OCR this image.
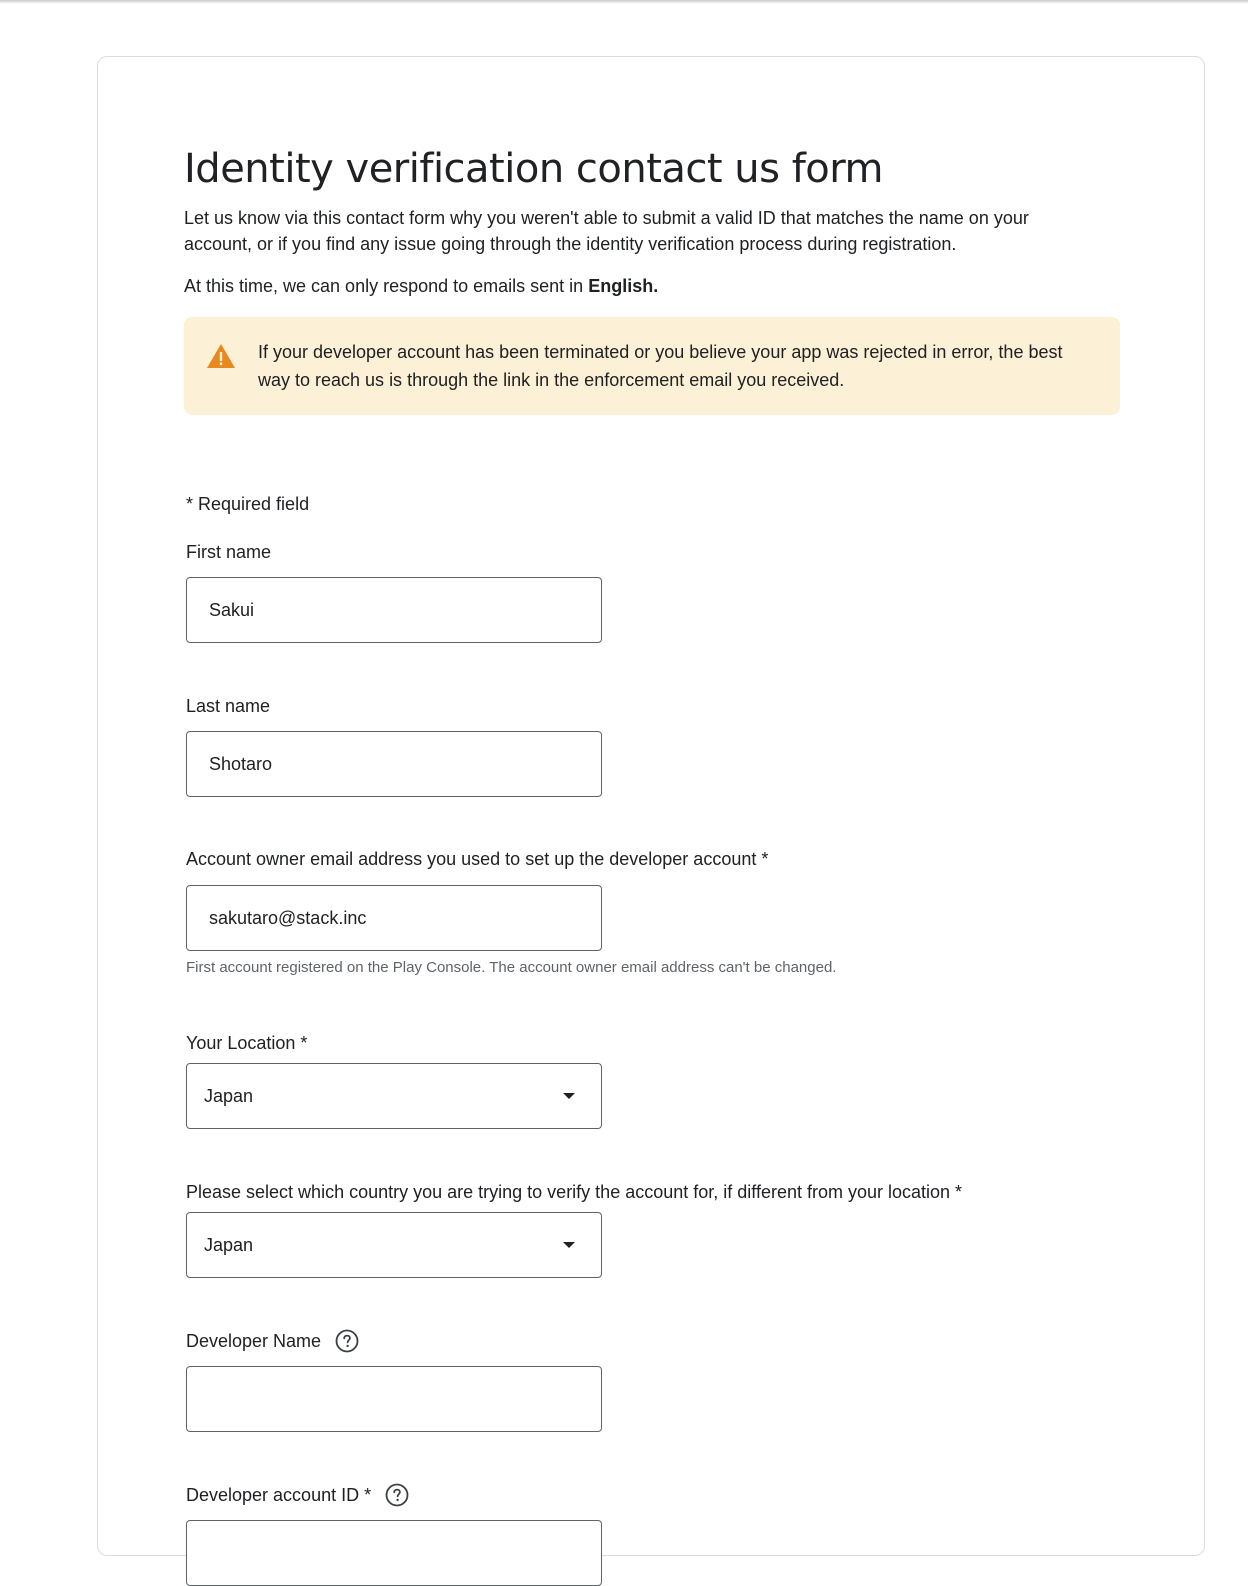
Identity verification contact us form

Let us know via this contact form why you weren't able to submit a valid ID that matches the name on your account, or if you find any issue going through the identity verification process during registration.

At this time, we can only respond to emails sent in English.

If your developer account has been terminated or you believe your app was rejected in error, the best way to reach us is through the link in the enforcement email you received.
* Required field
First name
Sakui
Last name
Shotaro
Account owner email address you used to set up the developer account *
sakutaro@stack.inc
First account registered on the Play Console. The account owner email address can't be changed.
Your Location *
Japan
Please select which country you are trying to verify the account for, if different from your location *
Japan
Developer Name
Developer account ID *
